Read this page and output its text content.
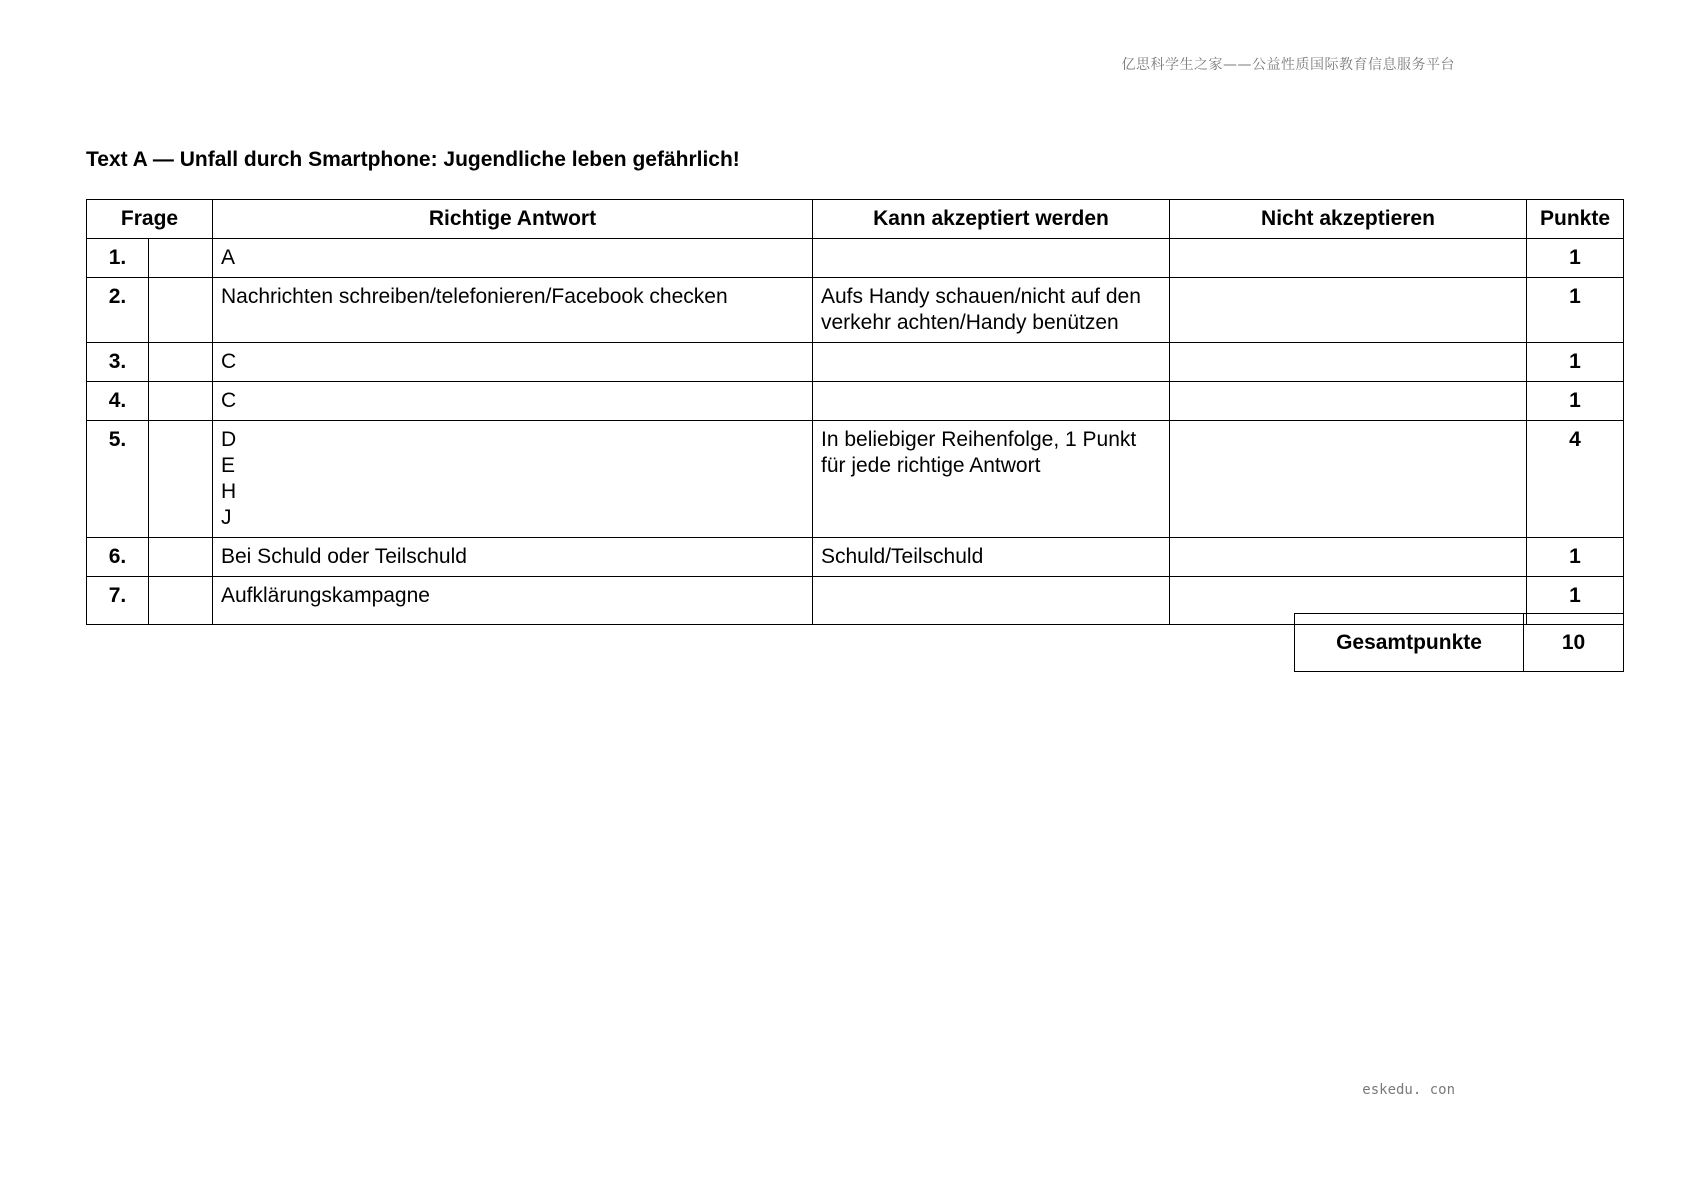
亿思科学生之家——公益性质国际教育信息服务平台
Text A — Unfall durch Smartphone: Jugendliche leben gefährlich!
Frage		Richtige Antwort	Kann akzeptiert werden	Nicht akzeptieren	Punkte
1.		A			1
2.		Nachrichten schreiben/telefonieren/Facebook checken	Aufs Handy schauen/nicht auf den verkehr achten/Handy benützen		1
3.		C			1
4.		C			1
5.		D
E
H
J	In beliebiger Reihenfolge, 1 Punkt für jede richtige Antwort		4
6.		Bei Schuld oder Teilschuld	Schuld/Teilschuld		1
7.		Aufklärungskampagne			1
Gesamtpunkte	10
eskedu. con
